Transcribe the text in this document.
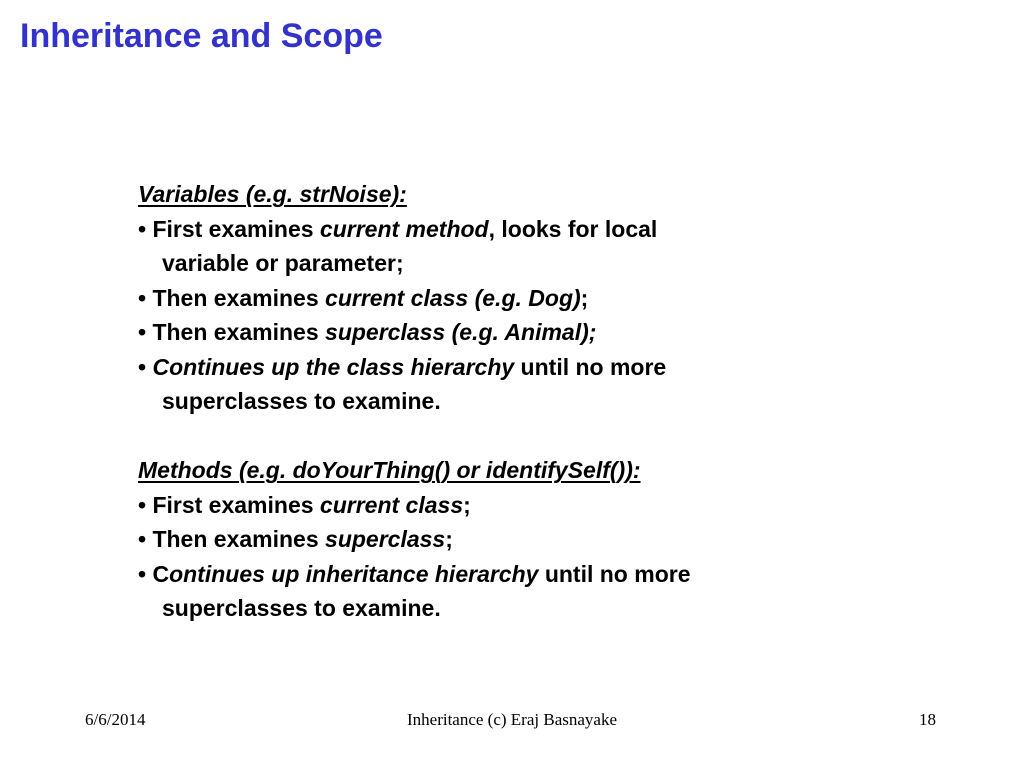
Inheritance and Scope
Variables (e.g. strNoise):
• First examines current method, looks for local
variable or parameter;
• Then examines current class (e.g. Dog);
• Then examines superclass (e.g. Animal);
• Continues up the class hierarchy until no more
superclasses to examine.
Methods (e.g. doYourThing() or identifySelf()):
• First examines current class;
• Then examines superclass;
• Continues up inheritance hierarchy until no more
superclasses to examine.
6/6/2014	Inheritance (c) Eraj Basnayake	18
